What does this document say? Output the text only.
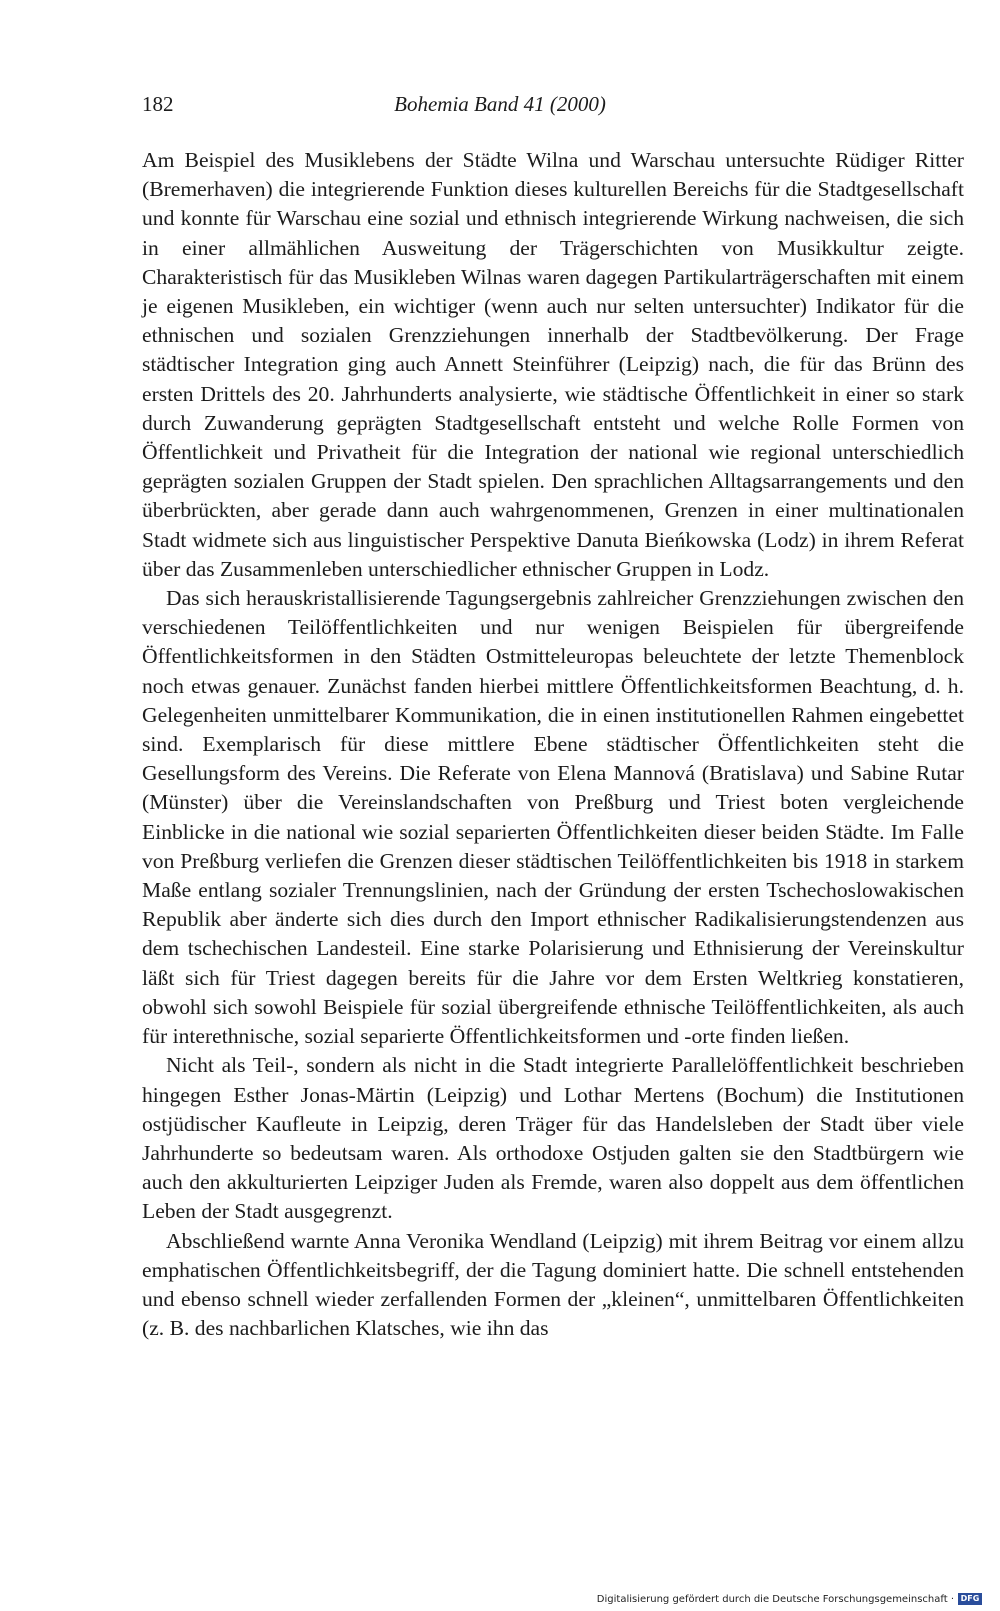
182	Bohemia Band 41 (2000)

Am Beispiel des Musiklebens der Städte Wilna und Warschau untersuchte Rüdiger Ritter (Bremerhaven) die integrierende Funktion dieses kulturellen Bereichs für die Stadtgesellschaft und konnte für Warschau eine sozial und ethnisch integrierende Wirkung nachweisen, die sich in einer allmählichen Ausweitung der Trägerschichten von Musikkultur zeigte. Charakteristisch für das Musikleben Wilnas waren dagegen Partikularträgerschaften mit einem je eigenen Musikleben, ein wichtiger (wenn auch nur selten untersuchter) Indikator für die ethnischen und sozialen Grenzziehungen innerhalb der Stadtbevölkerung. Der Frage städtischer Integration ging auch Annett Steinführer (Leipzig) nach, die für das Brünn des ersten Drittels des 20. Jahrhunderts analysierte, wie städtische Öffentlichkeit in einer so stark durch Zuwanderung geprägten Stadtgesellschaft entsteht und welche Rolle Formen von Öffentlichkeit und Privatheit für die Integration der national wie regional unterschiedlich geprägten sozialen Gruppen der Stadt spielen. Den sprachlichen Alltagsarrangements und den überbrückten, aber gerade dann auch wahrgenommenen, Grenzen in einer multinationalen Stadt widmete sich aus linguistischer Perspektive Danuta Bieńkowska (Lodz) in ihrem Referat über das Zusammenleben unterschiedlicher ethnischer Gruppen in Lodz.

Das sich herauskristallisierende Tagungsergebnis zahlreicher Grenzziehungen zwischen den verschiedenen Teilöffentlichkeiten und nur wenigen Beispielen für übergreifende Öffentlichkeitsformen in den Städten Ostmitteleuropas beleuchtete der letzte Themenblock noch etwas genauer. Zunächst fanden hierbei mittlere Öffentlichkeitsformen Beachtung, d. h. Gelegenheiten unmittelbarer Kommunikation, die in einen institutionellen Rahmen eingebettet sind. Exemplarisch für diese mittlere Ebene städtischer Öffentlichkeiten steht die Gesellungsform des Vereins. Die Referate von Elena Mannová (Bratislava) und Sabine Rutar (Münster) über die Vereinslandschaften von Preßburg und Triest boten vergleichende Einblicke in die national wie sozial separierten Öffentlichkeiten dieser beiden Städte. Im Falle von Preßburg verliefen die Grenzen dieser städtischen Teilöffentlichkeiten bis 1918 in starkem Maße entlang sozialer Trennungslinien, nach der Gründung der ersten Tschechoslowakischen Republik aber änderte sich dies durch den Import ethnischer Radikalisierungstendenzen aus dem tschechischen Landesteil. Eine starke Polarisierung und Ethnisierung der Vereinskultur läßt sich für Triest dagegen bereits für die Jahre vor dem Ersten Weltkrieg konstatieren, obwohl sich sowohl Beispiele für sozial übergreifende ethnische Teilöffentlichkeiten, als auch für interethnische, sozial separierte Öffentlichkeitsformen und -orte finden ließen.

Nicht als Teil-, sondern als nicht in die Stadt integrierte Parallelöffentlichkeit beschrieben hingegen Esther Jonas-Märtin (Leipzig) und Lothar Mertens (Bochum) die Institutionen ostjüdischer Kaufleute in Leipzig, deren Träger für das Handelsleben der Stadt über viele Jahrhunderte so bedeutsam waren. Als orthodoxe Ostjuden galten sie den Stadtbürgern wie auch den akkulturierten Leipziger Juden als Fremde, waren also doppelt aus dem öffentlichen Leben der Stadt ausgegrenzt.

Abschließend warnte Anna Veronika Wendland (Leipzig) mit ihrem Beitrag vor einem allzu emphatischen Öffentlichkeitsbegriff, der die Tagung dominiert hatte. Die schnell entstehenden und ebenso schnell wieder zerfallenden Formen der „kleinen“, unmittelbaren Öffentlichkeiten (z. B. des nachbarlichen Klatsches, wie ihn das

Digitalisierung gefördert durch die Deutsche Forschungsgemeinschaft · DFG
